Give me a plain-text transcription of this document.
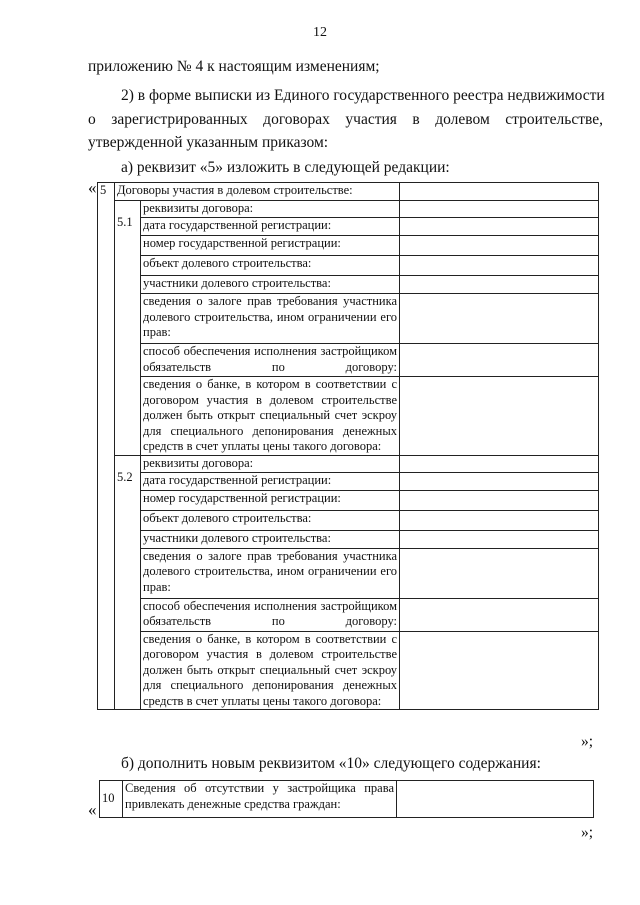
12
приложению № 4 к настоящим изменениям;
2) в форме выписки из Единого государственного реестра недвижимости
о зарегистрированных договорах участия в долевом строительстве,
утвержденной указанным приказом:
а) реквизит «5» изложить в следующей редакции:
« 5	Договоры участия в долевом строительстве:		
	5.1	реквизиты договора:	
		дата государственной регистрации:	
		номер государственной регистрации:	
		объект долевого строительства:	
		участники долевого строительства:	
		сведения о залоге прав требования участника долевого строительства, ином ограничении его прав:	
		способ обеспечения исполнения застройщиком обязательств по договору:	
		сведения о банке, в котором в соответствии с договором участия в долевом строительстве должен быть открыт специальный счет эскроу для специального депонирования денежных средств в счет уплаты цены такого договора:	
	5.2	реквизиты договора:	
		дата государственной регистрации:	
		номер государственной регистрации:	
		объект долевого строительства:	
		участники долевого строительства:	
		сведения о залоге прав требования участника долевого строительства, ином ограничении его прав:	
		способ обеспечения исполнения застройщиком обязательств по договору:	
		сведения о банке, в котором в соответствии с договором участия в долевом строительстве должен быть открыт специальный счет эскроу для специального депонирования денежных средств в счет уплаты цены такого договора:	
»;
б) дополнить новым реквизитом «10» следующего содержания:
«
10	Сведения об отсутствии у застройщика права привлекать денежные средства граждан:	
»;
